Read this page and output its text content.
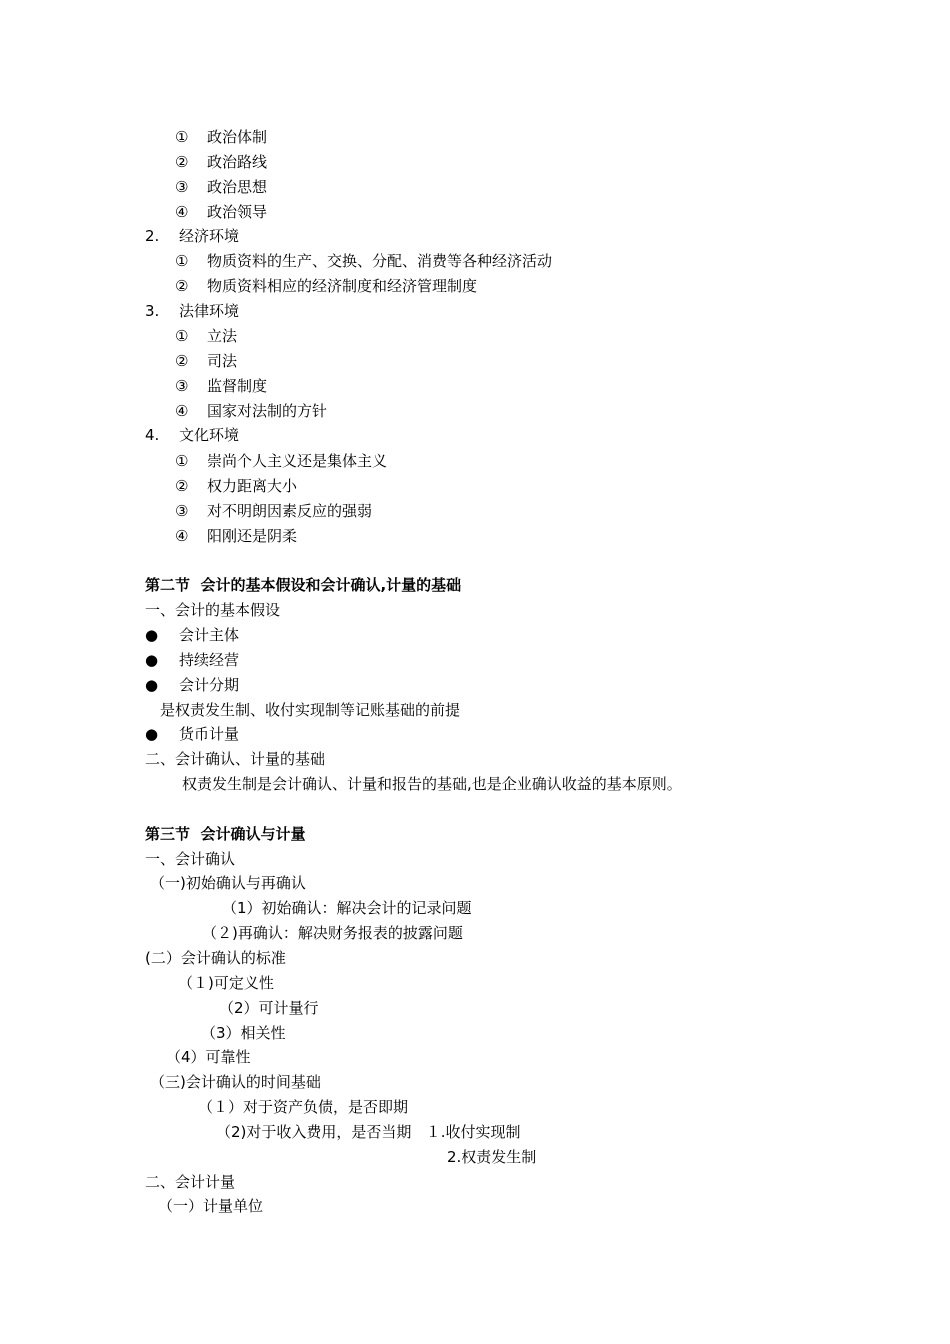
① 政治体制
② 政治路线
③ 政治思想
④ 政治领导
2. 经济环境
① 物质资料的生产、交换、分配、消费等各种经济活动
② 物质资料相应的经济制度和经济管理制度
3. 法律环境
① 立法
② 司法
③ 监督制度
④ 国家对法制的方针
4. 文化环境
① 崇尚个人主义还是集体主义
② 权力距离大小
③ 对不明朗因素反应的强弱
④ 阳刚还是阴柔
第二节  会计的基本假设和会计确认,计量的基础
一、会计的基本假设
● 会计主体
● 持续经营
● 会计分期
是权责发生制、收付实现制等记账基础的前提
● 货币计量
二、会计确认、计量的基础
权责发生制是会计确认、计量和报告的基础,也是企业确认收益的基本原则。
第三节  会计确认与计量
一、会计确认
（一)初始确认与再确认
（1）初始确认：解决会计的记录问题
（２)再确认：解决财务报表的披露问题
(二）会计确认的标准
（１)可定义性
（2）可计量行
（3）相关性
（4）可靠性
（三)会计确认的时间基础
（１）对于资产负债，是否即期
（2)对于收入费用，是否当期   １.收付实现制
2.权责发生制
二、会计计量
（一）计量单位
